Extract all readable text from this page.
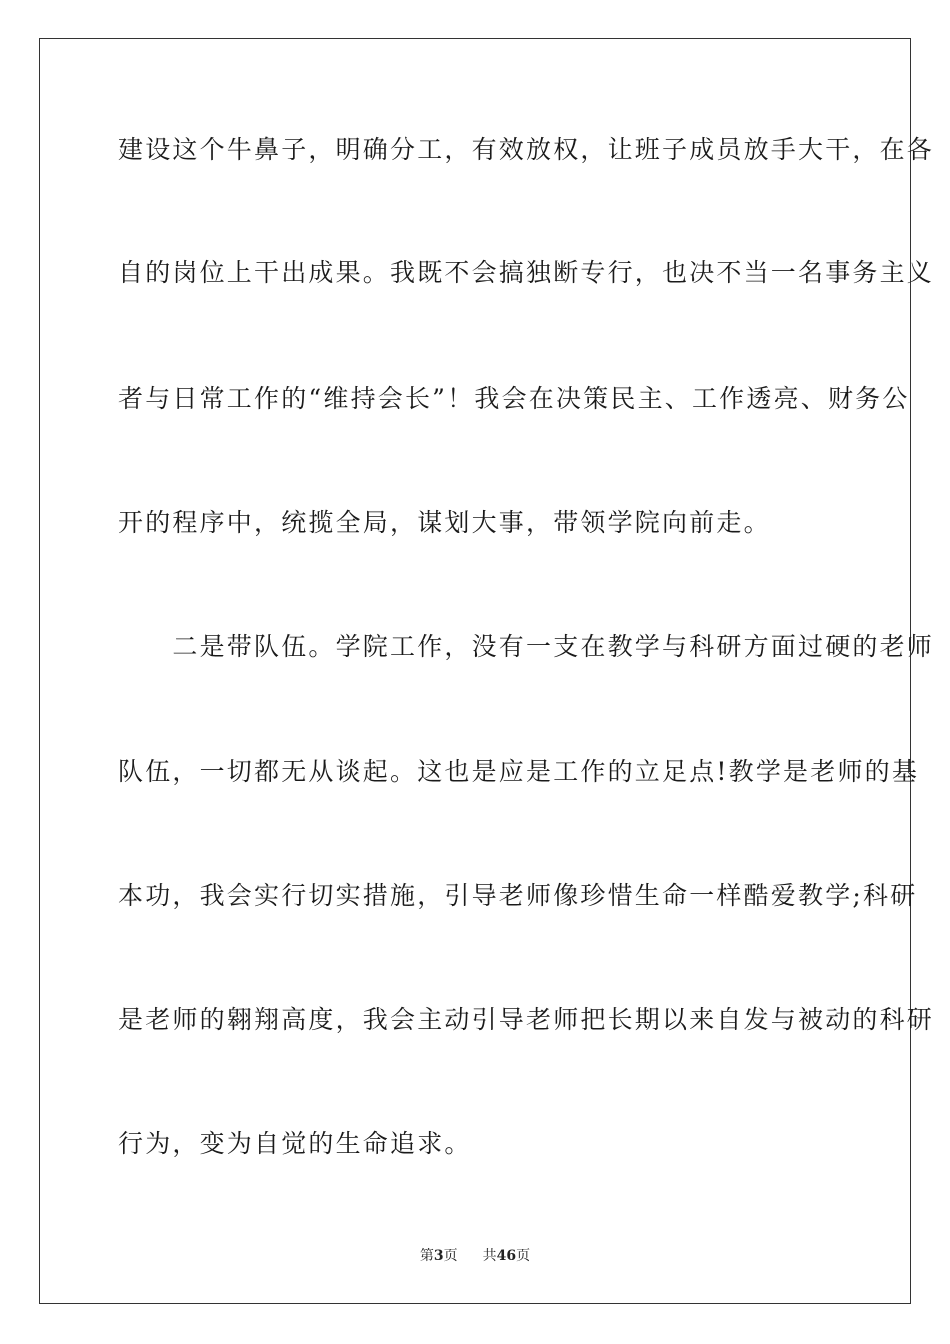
建设这个牛鼻子，明确分工，有效放权，让班子成员放手大干，在各
自的岗位上干出成果。我既不会搞独断专行，也决不当一名事务主义
者与日常工作的“维持会长”！我会在决策民主、工作透亮、财务公
开的程序中，统揽全局，谋划大事，带领学院向前走。
　　二是带队伍。学院工作，没有一支在教学与科研方面过硬的老师
队伍，一切都无从谈起。这也是应是工作的立足点!教学是老师的基
本功，我会实行切实措施，引导老师像珍惜生命一样酷爱教学;科研
是老师的翱翔高度，我会主动引导老师把长期以来自发与被动的科研
行为，变为自觉的生命追求。
第3页 共46页
